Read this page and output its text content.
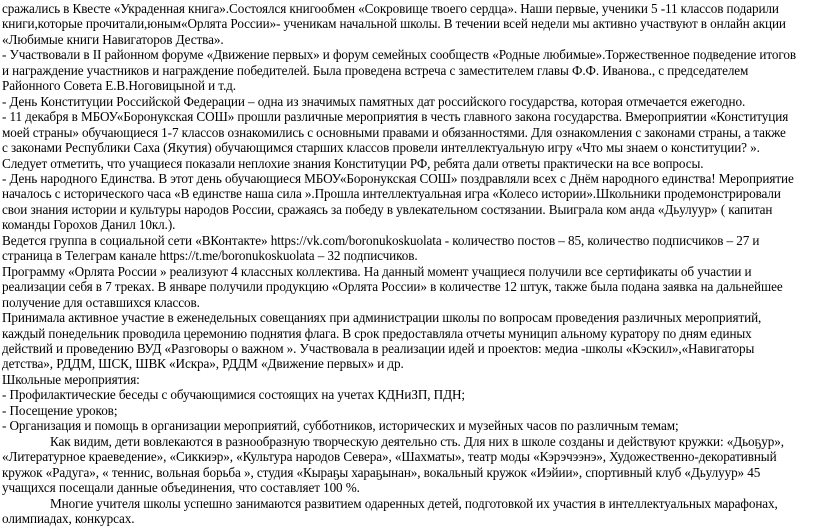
сражались в Квесте «Украденная книга».Состоялся книгообмен «Сокровище твоего сердца». Наши первые, ученики 5 -11 классов подарили

книги,которые прочитали,юным«Орлята России»- ученикам начальной школы. В течении всей недели мы активно участвуют в онлайн акции

«Любимые книги Навигаторов Дества».

- Участвовали в II районном форуме «Движение первых» и форум семейных сообществ «Родные любимые».Торжественное подведение итогов

и награждение участников и награждение победителей. Была проведена встреча с заместителем главы Ф.Ф. Ивановa., с председателем

Районного Совета Е.В.Ноговицыной и т.д.

- День Конституции Российской Федерации – одна из значимых памятных дат российского государства, которая отмечается ежегодно.

- 11 декабря в МБОУ«Боронукская СОШ» прошли различные мероприятия в честь главного закона государства. Вмероприятии «Конституция

моей страны» обучающиеся 1-7 классов ознакомились с основными правами и обязанностями. Для ознакомления с законами страны, а также

с законами Республики Саха (Якутия) обучающимся старших классов провели интеллектуальную игру «Что мы знаем о конституции? ».

Следует отметить, что учащиеся показали неплохие знания Конституции РФ, ребята дали ответы практически на все вопросы.

- День народного Единства. В этот день обучающиеся МБОУ«Боронукская СОШ» поздравляли всех с Днём народного единства! Мероприятие

началось с исторического часа «В единстве наша сила ».Прошла интеллектуальная игра «Колесо истории».Школьники продемонстрировали

свои знания истории и культуры народов России, сражаясь за победу в увлекательном состязании. Выиграла ком анда «Дьулуур» ( капитан

команды Горохов Данил 10кл.).

Ведется группа в социальной сети «ВКонтакте» https://vk.com/boronukoskuolata - количество постов – 85, количество подписчиков – 27 и

страница в Телеграм канале https://t.me/boronukoskuolata – 32 подписчиков.

Программу «Орлята России » реализуют 4 классных коллектива. На данный момент учащиеся получили все сертификаты об участии и

реализации себя в 7 треках. В январе получили продукцию «Орлята России» в количестве 12 штук, также была подана заявка на дальнейшее

получение для оставшихся классов.

Принимала активное участие в еженедельных совещаниях при администрации школы по вопросам проведения различных мероприятий,

каждый понедельник проводила церемонию поднятия флага. В срок предоставляла отчеты муницип альному куратору по дням единых

действий и проведению ВУД «Разговоры о важном ». Участвовала в реализации идей и проектов: медиа -школы «Кэскил»,«Навигаторы

детства», РДДМ, ШСК, ШВК «Искра», РДДМ «Движение первых» и др.

Школьные мероприятия:

- Профилактические беседы с обучающимися состоящих на учетах КДНиЗП, ПДН;

- Посещение уроков;

- Организация и помощь в организации мероприятий, субботников, исторических и музейных часов по различным темам;

Как видим, дети вовлекаются в разнообразную творческую деятельно сть. Для них в школе созданы и действуют кружки: «Дьоҕур»,

«Литературное краеведение», «Сиккиэр», «Культура народов Севера», «Шахматы», театр моды «Кэрэчээнэ», Художественно-декоративный

кружок «Радуга», « теннис, вольная борьба », студия «Кыраҕы хараҕынан», вокальный кружок «Иэйии», спортивный клуб «Дьулуур» 45

учащихся посещали данные объединения, что составляет 100 %.

Многие учителя школы успешно занимаются развитием одаренных детей, подготовкой их участия в интеллектуальных марафонах,

олимпиадах, конкурсах.
